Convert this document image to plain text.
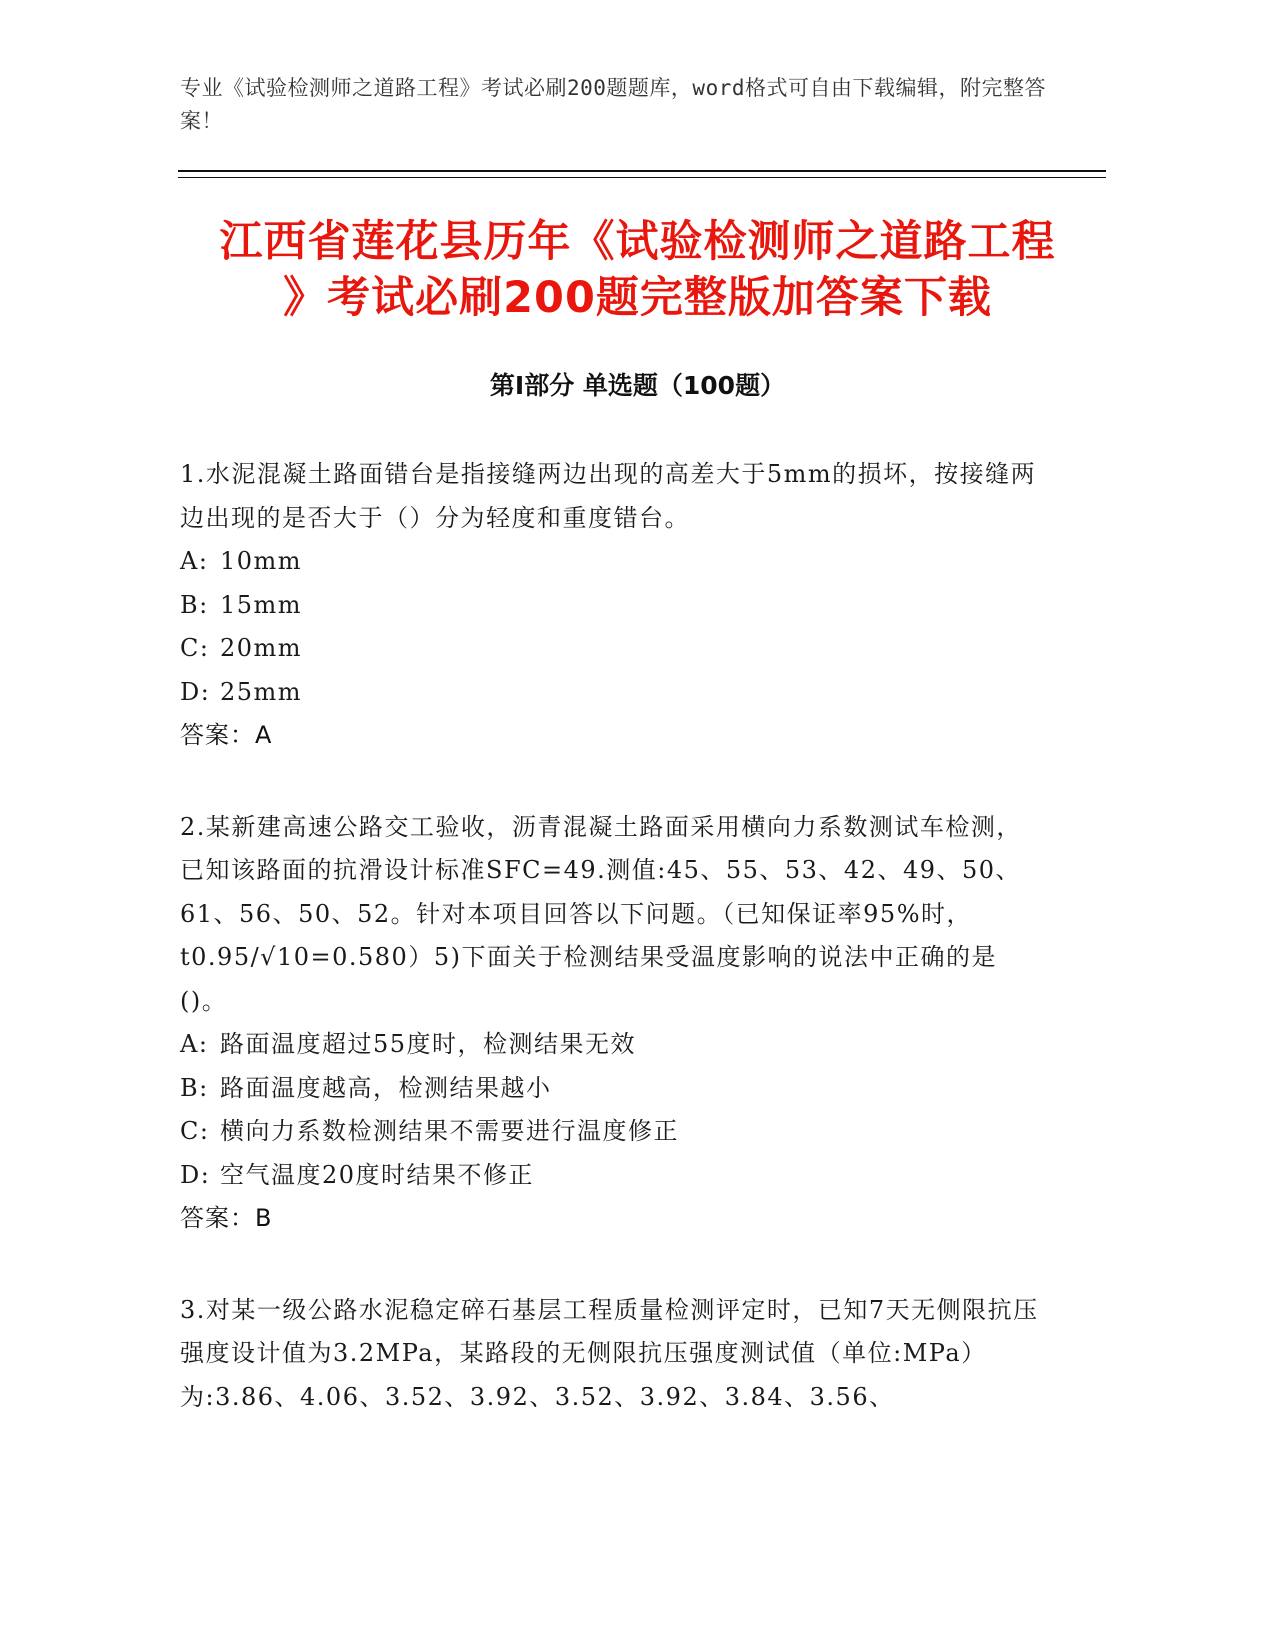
专业《试验检测师之道路工程》考试必刷200题题库，word格式可自由下载编辑，附完整答案！
江西省莲花县历年《试验检测师之道路工程
》考试必刷200题完整版加答案下载
第Ⅰ部分 单选题（100题）

1.水泥混凝土路面错台是指接缝两边出现的高差大于5mm的损坏，按接缝两边出现的是否大于（）分为轻度和重度错台。

A: 10mm
B: 15mm
C: 20mm
D: 25mm
答案：A

2.某新建高速公路交工验收，沥青混凝土路面采用横向力系数测试车检测，已知该路面的抗滑设计标准SFC=49.测值:45、55、53、42、49、50、61、56、50、52。针对本项目回答以下问题。（已知保证率95%时，t0.95/√10=0.580）5)下面关于检测结果受温度影响的说法中正确的是()。

A: 路面温度超过55度时，检测结果无效
B: 路面温度越高，检测结果越小
C: 横向力系数检测结果不需要进行温度修正
D: 空气温度20度时结果不修正
答案：B

3.对某一级公路水泥稳定碎石基层工程质量检测评定时，已知7天无侧限抗压强度设计值为3.2MPa，某路段的无侧限抗压强度测试值（单位:MPa）为:3.86、4.06、3.52、3.92、3.52、3.92、3.84、3.56、
